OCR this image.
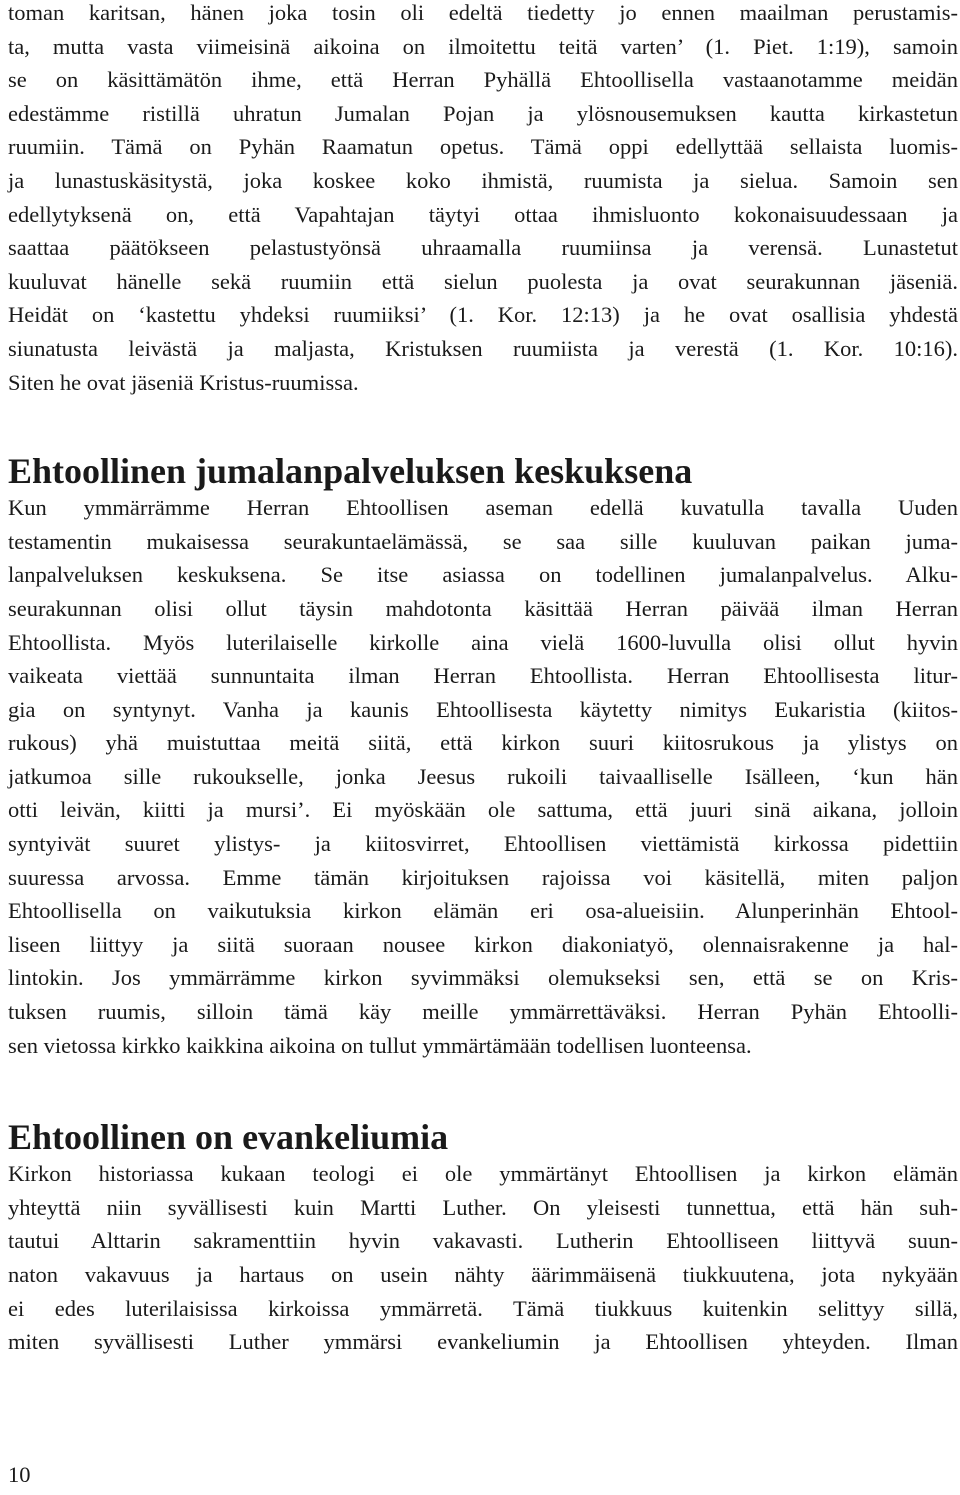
toman karitsan, hänen joka tosin oli edeltä tiedetty jo ennen maailman perustamis-
ta, mutta vasta viimeisinä aikoina on ilmoitettu teitä varten’ (1. Piet. 1:19), samoin
se on käsittämätön ihme, että Herran Pyhällä Ehtoollisella vastaanotamme meidän
edestämme ristillä uhratun Jumalan Pojan ja ylösnousemuksen kautta kirkastetun
ruumiin. Tämä on Pyhän Raamatun opetus. Tämä oppi edellyttää sellaista luomis-
ja lunastuskäsitystä, joka koskee koko ihmistä, ruumista ja sielua. Samoin sen
edellytyksenä on, että Vapahtajan täytyi ottaa ihmisluonto kokonaisuudessaan ja
saattaa päätökseen pelastustyönsä uhraamalla ruumiinsa ja verensä. Lunastetut
kuuluvat hänelle sekä ruumiin että sielun puolesta ja ovat seurakunnan jäseniä.
Heidät on ‘kastettu yhdeksi ruumiiksi’ (1. Kor. 12:13) ja he ovat osallisia yhdestä
siunatusta leivästä ja maljasta, Kristuksen ruumiista ja verestä (1. Kor. 10:16).
Siten he ovat jäseniä Kristus-ruumissa.
Ehtoollinen jumalanpalveluksen keskuksena
Kun ymmärrämme Herran Ehtoollisen aseman edellä kuvatulla tavalla Uuden
testamentin mukaisessa seurakuntaelämässä, se saa sille kuuluvan paikan juma-
lanpalveluksen keskuksena. Se itse asiassa on todellinen jumalanpalvelus. Alku-
seurakunnan olisi ollut täysin mahdotonta käsittää Herran päivää ilman Herran
Ehtoollista. Myös luterilaiselle kirkolle aina vielä 1600-luvulla olisi ollut hyvin
vaikeata viettää sunnuntaita ilman Herran Ehtoollista. Herran Ehtoollisesta litur-
gia on syntynyt. Vanha ja kaunis Ehtoollisesta käytetty nimitys Eukaristia (kiitos-
rukous) yhä muistuttaa meitä siitä, että kirkon suuri kiitosrukous ja ylistys on
jatkumoa sille rukoukselle, jonka Jeesus rukoili taivaalliselle Isälleen, ‘kun hän
otti leivän, kiitti ja mursi’. Ei myöskään ole sattuma, että juuri sinä aikana, jolloin
syntyivät suuret ylistys- ja kiitosvirret, Ehtoollisen viettämistä kirkossa pidettiin
suuressa arvossa. Emme tämän kirjoituksen rajoissa voi käsitellä, miten paljon
Ehtoollisella on vaikutuksia kirkon elämän eri osa-alueisiin. Alunperinhän Ehtool-
liseen liittyy ja siitä suoraan nousee kirkon diakoniatyö, olennaisrakenne ja hal-
lintokin. Jos ymmärrämme kirkon syvimmäksi olemukseksi sen, että se on Kris-
tuksen ruumis, silloin tämä käy meille ymmärrettäväksi. Herran Pyhän Ehtoolli-
sen vietossa kirkko kaikkina aikoina on tullut ymmärtämään todellisen luonteensa.
Ehtoollinen on evankeliumia
Kirkon historiassa kukaan teologi ei ole ymmärtänyt Ehtoollisen ja kirkon elämän
yhteyttä niin syvällisesti kuin Martti Luther. On yleisesti tunnettua, että hän suh-
tautui Alttarin sakramenttiin hyvin vakavasti. Lutherin Ehtoolliseen liittyvä suun-
naton vakavuus ja hartaus on usein nähty äärimmäisenä tiukkuutena, jota nykyään
ei edes luterilaisissa kirkoissa ymmärretä. Tämä tiukkuus kuitenkin selittyy sillä,
miten syvällisesti Luther ymmärsi evankeliumin ja Ehtoollisen yhteyden. Ilman
10
